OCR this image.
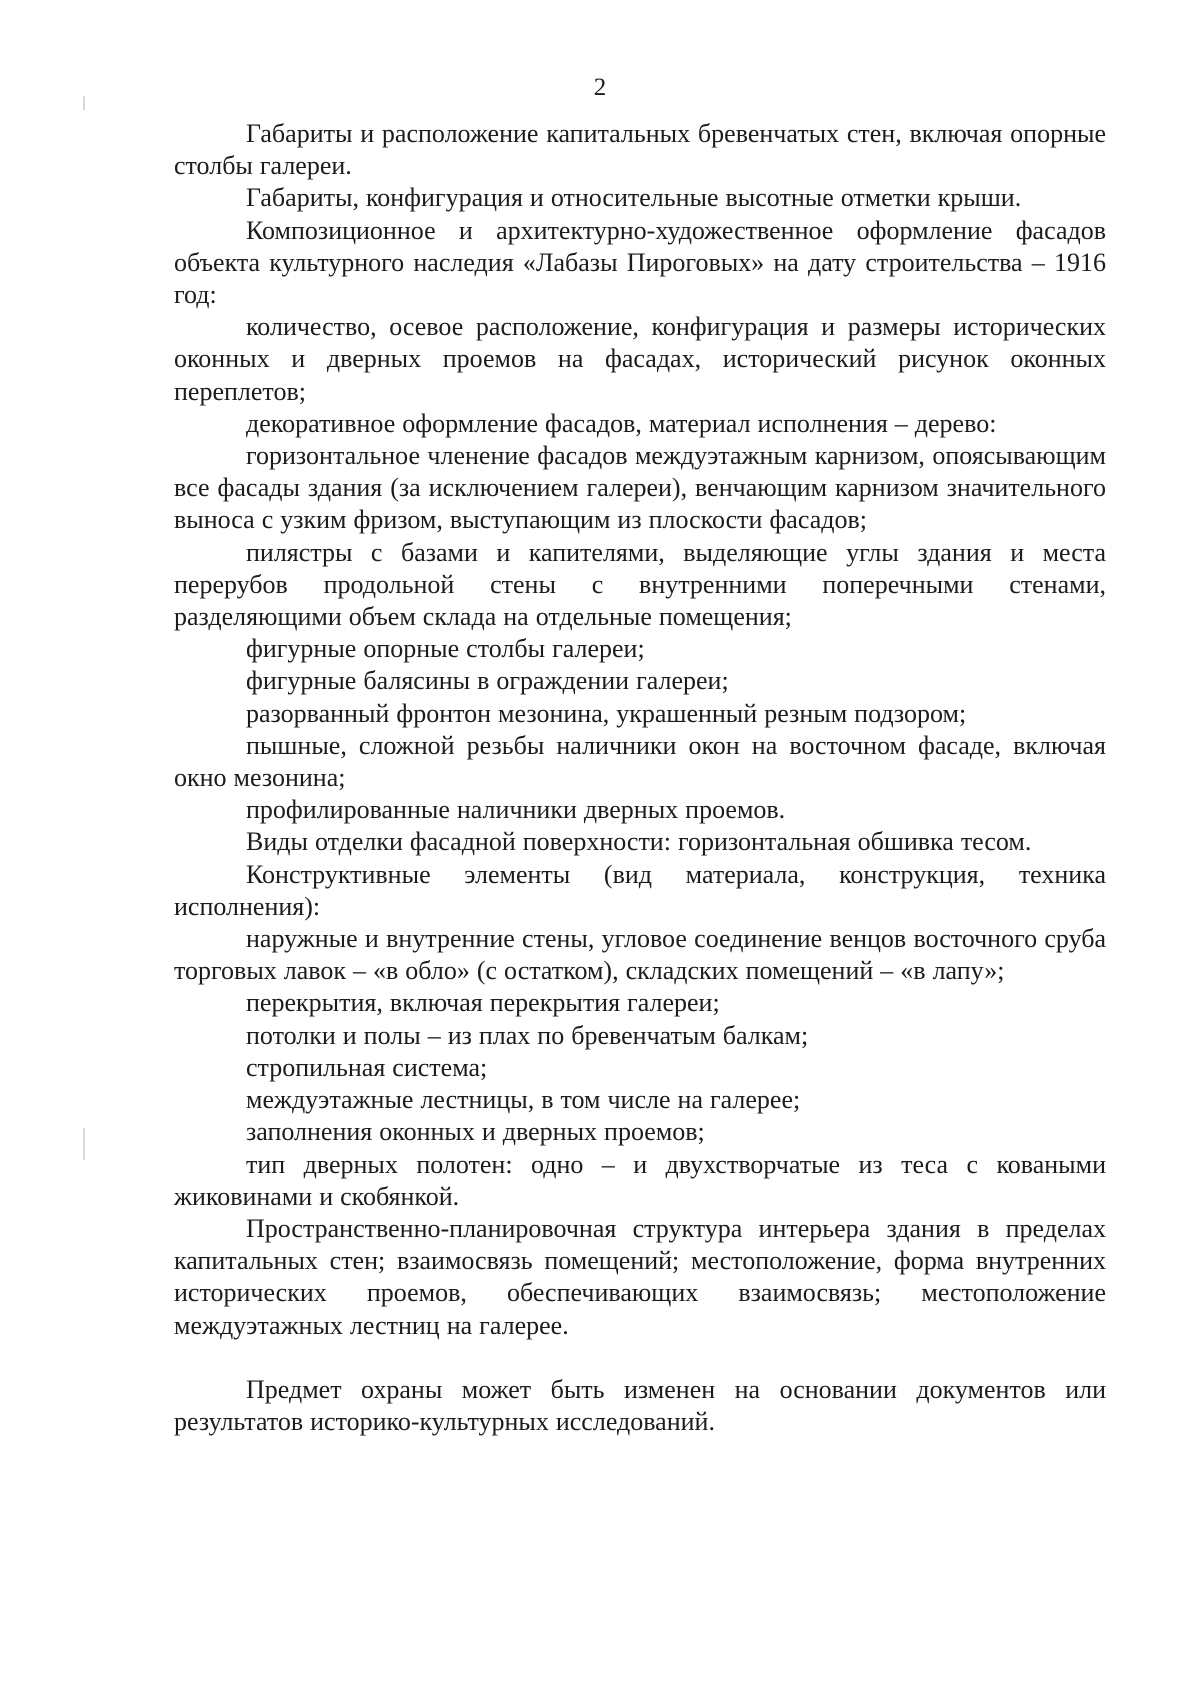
2

Габариты и расположение капитальных бревенчатых стен, включая опорные столбы галереи.

Габариты, конфигурация и относительные высотные отметки крыши.

Композиционное и архитектурно-художественное оформление фасадов объекта культурного наследия «Лабазы Пироговых» на дату строительства – 1916 год:

количество, осевое расположение, конфигурация и размеры исторических оконных и дверных проемов на фасадах, исторический рисунок оконных переплетов;

декоративное оформление фасадов, материал исполнения – дерево:

горизонтальное членение фасадов междуэтажным карнизом, опоясывающим все фасады здания (за исключением галереи), венчающим карнизом значительного выноса с узким фризом, выступающим из плоскости фасадов;

пилястры с базами и капителями, выделяющие углы здания и места перерубов продольной стены с внутренними поперечными стенами, разделяющими объем склада на отдельные помещения;

фигурные опорные столбы галереи;

фигурные балясины в ограждении галереи;

разорванный фронтон мезонина, украшенный резным подзором;

пышные, сложной резьбы наличники окон на восточном фасаде, включая окно мезонина;

профилированные наличники дверных проемов.

Виды отделки фасадной поверхности: горизонтальная обшивка тесом.

Конструктивные элементы (вид материала, конструкция, техника исполнения):

наружные и внутренние стены, угловое соединение венцов восточного сруба торговых лавок – «в обло» (с остатком), складских помещений – «в лапу»;

перекрытия, включая перекрытия галереи;

потолки и полы – из плах по бревенчатым балкам;

стропильная система;

междуэтажные лестницы, в том числе на галерее;

заполнения оконных и дверных проемов;

тип дверных полотен: одно – и двухстворчатые из теса с коваными жиковинами и скобянкой.

Пространственно-планировочная структура интерьера здания в пределах капитальных стен; взаимосвязь помещений; местоположение, форма внутренних исторических проемов, обеспечивающих взаимосвязь; местоположение междуэтажных лестниц на галерее.

Предмет охраны может быть изменен на основании документов или результатов историко-культурных исследований.
